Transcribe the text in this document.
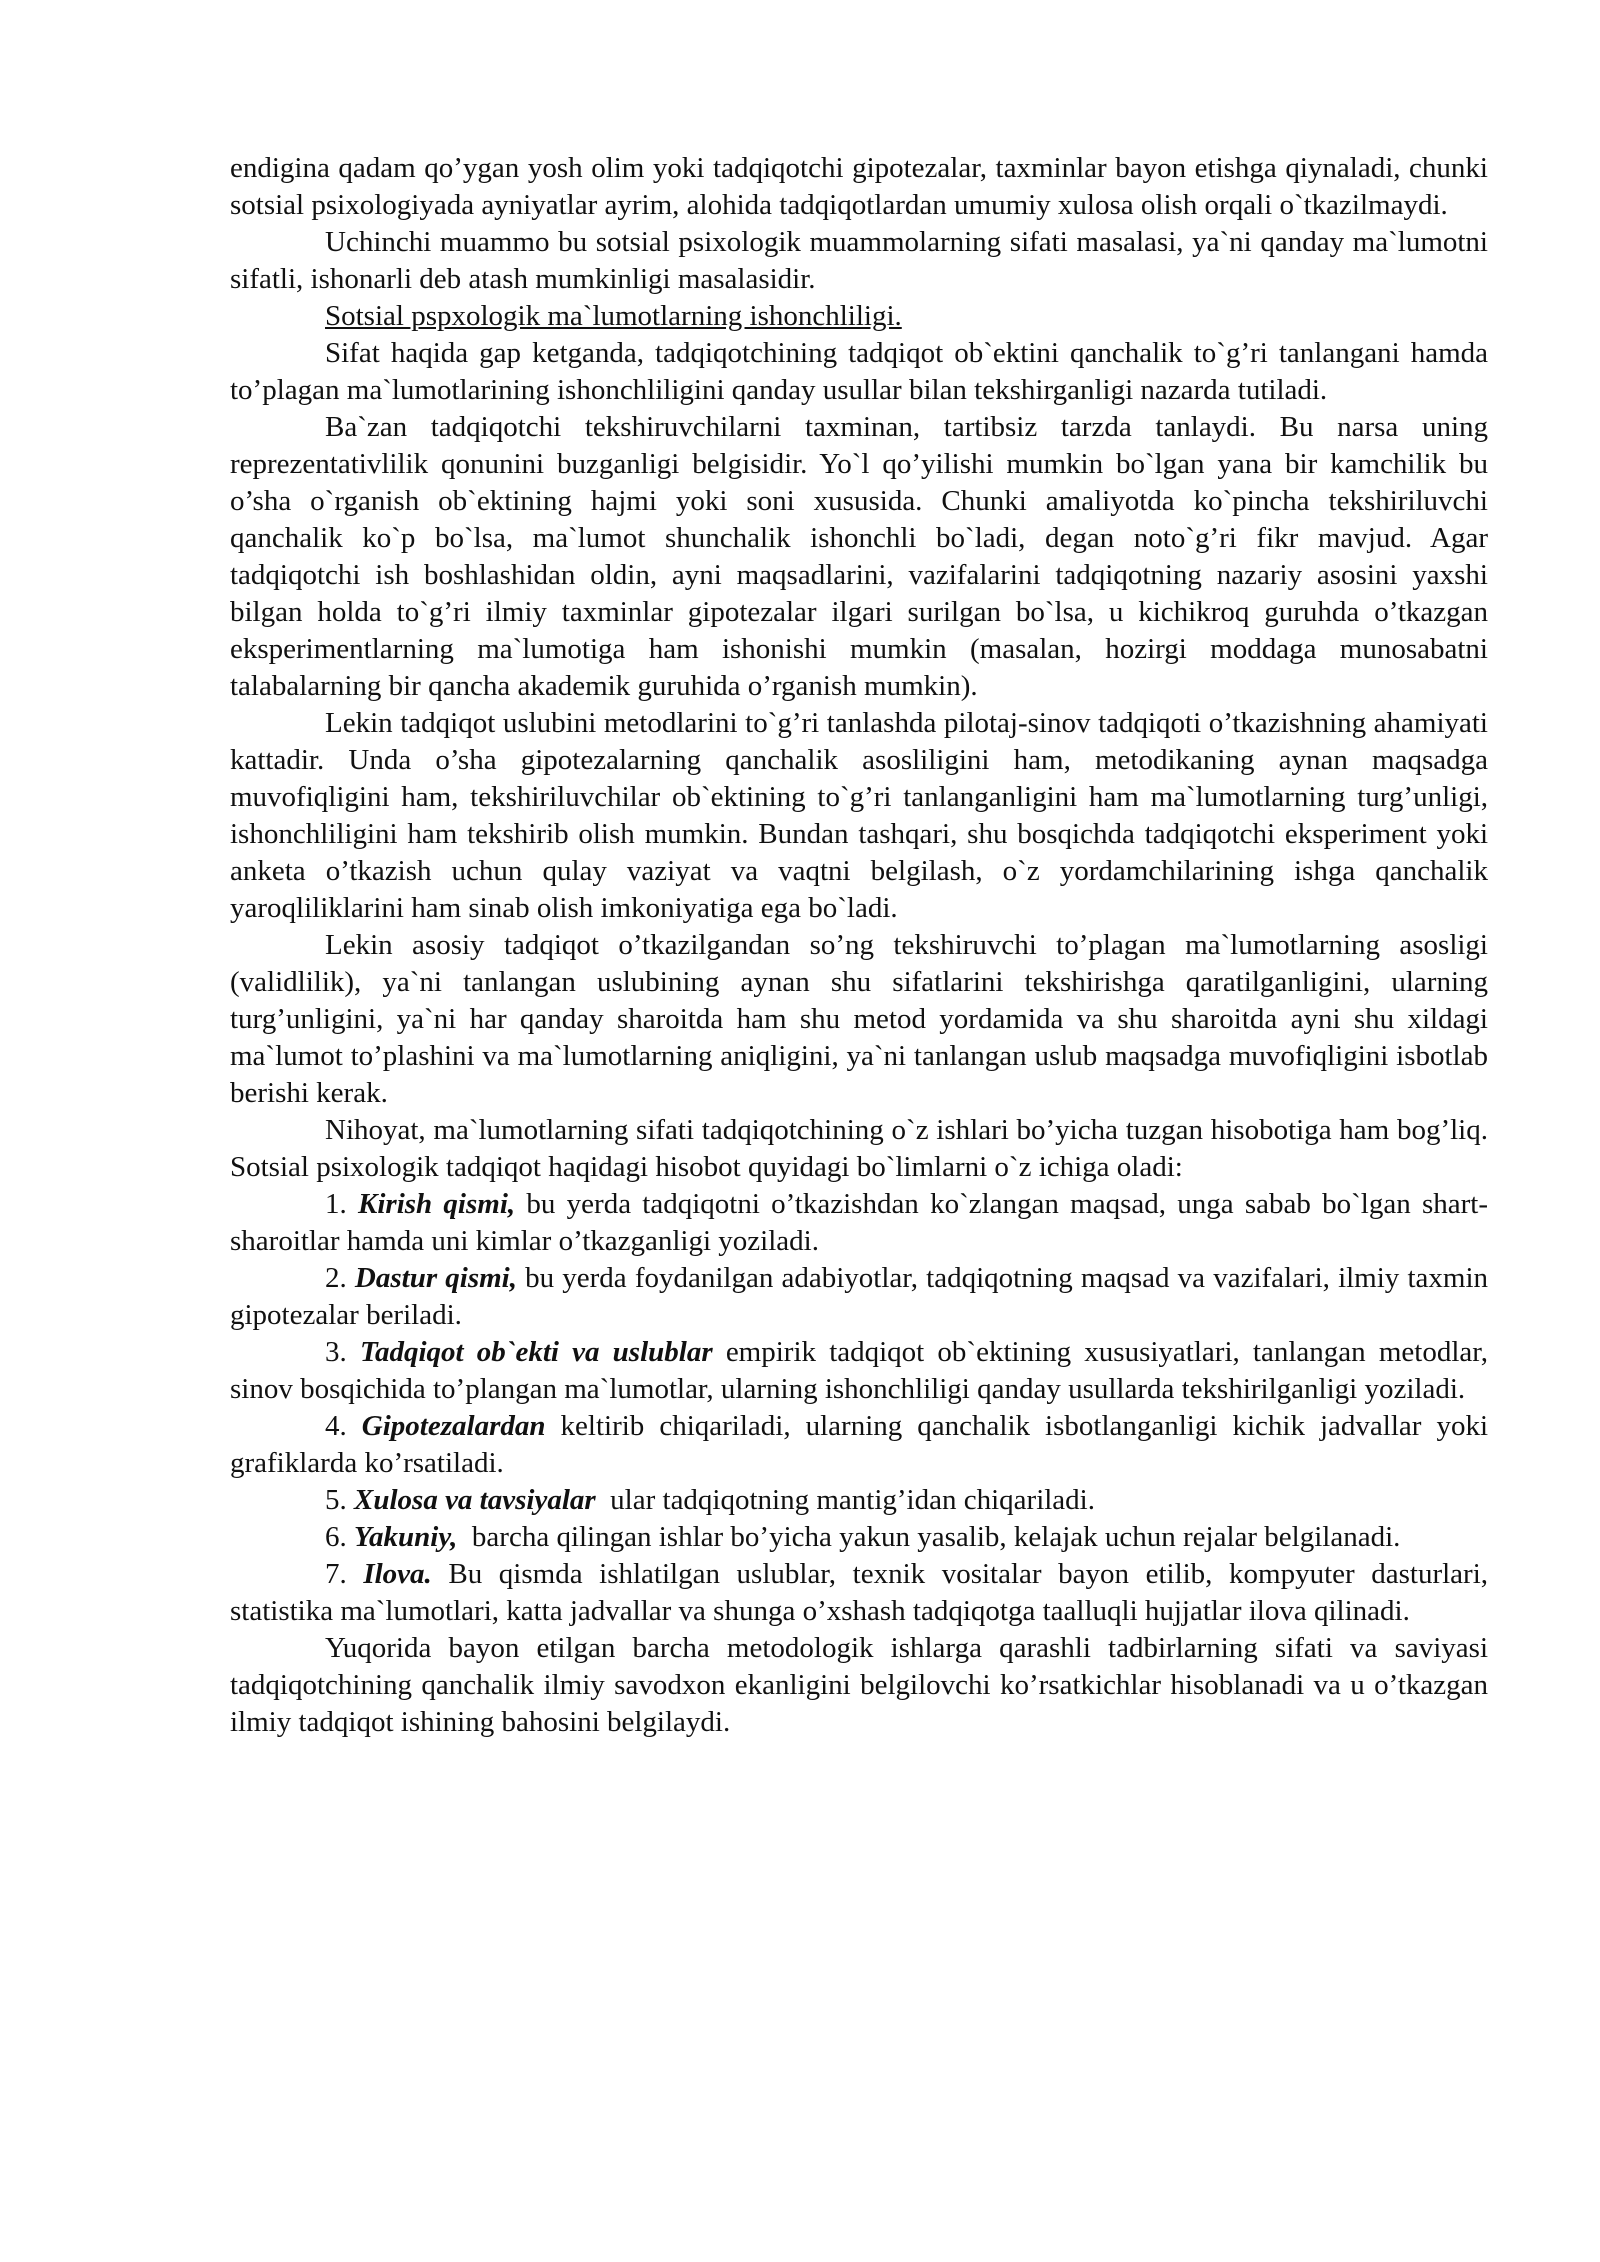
endigina qadam qo’ygan yosh olim yoki tadqiqotchi gipotezalar, taxminlar bayon etishga qiynaladi, chunki sotsial psixologiyada ayniyatlar ayrim, alohida tadqiqotlardan umumiy xulosa olish orqali o`tkazilmaydi.

Uchinchi muammo bu sotsial psixologik muammolarning sifati masalasi, ya`ni qanday ma`lumotni sifatli, ishonarli deb atash mumkinligi masalasidir.

Sotsial pspxologik ma`lumotlarning ishonchliligi.

Sifat haqida gap ketganda, tadqiqotchining tadqiqot ob`ektini qanchalik to`g’ri tanlangani hamda to’plagan ma`lumotlarining ishonchliligini qanday usullar bilan tekshirganligi nazarda tutiladi.

Ba`zan tadqiqotchi tekshiruvchilarni taxminan, tartibsiz tarzda tanlaydi. Bu narsa uning reprezentativlilik qonunini buzganligi belgisidir. Yo`l qo’yilishi mumkin bo`lgan yana bir kamchilik bu o’sha o`rganish ob`ektining hajmi yoki soni xususida. Chunki amaliyotda ko`pincha tekshiriluvchi qanchalik ko`p bo`lsa, ma`lumot shunchalik ishonchli bo`ladi, degan noto`g’ri fikr mavjud. Agar tadqiqotchi ish boshlashidan oldin, ayni maqsadlarini, vazifalarini tadqiqotning nazariy asosini yaxshi bilgan holda to`g’ri ilmiy taxminlar gipotezalar ilgari surilgan bo`lsa, u kichikroq guruhda o’tkazgan eksperimentlarning ma`lumotiga ham ishonishi mumkin (masalan, hozirgi moddaga munosabatni talabalarning bir qancha akademik guruhida o’rganish mumkin).

Lekin tadqiqot uslubini metodlarini to`g’ri tanlashda pilotaj-sinov tadqiqoti o’tkazishning ahamiyati kattadir. Unda o’sha gipotezalarning qanchalik asosliligini ham, metodikaning aynan maqsadga muvofiqligini ham, tekshiriluvchilar ob`ektining to`g’ri tanlanganligini ham ma`lumotlarning turg’unligi, ishonchliligini ham tekshirib olish mumkin. Bundan tashqari, shu bosqichda tadqiqotchi eksperiment yoki anketa o’tkazish uchun qulay vaziyat va vaqtni belgilash, o`z yordamchilarining ishga qanchalik yaroqliliklarini ham sinab olish imkoniyatiga ega bo`ladi.

Lekin asosiy tadqiqot o’tkazilgandan so’ng tekshiruvchi to’plagan ma`lumotlarning asosligi (validlilik), ya`ni tanlangan uslubining aynan shu sifatlarini tekshirishga qaratilganligini, ularning turg’unligini, ya`ni har qanday sharoitda ham shu metod yordamida va shu sharoitda ayni shu xildagi ma`lumot to’plashini va ma`lumotlarning aniqligini, ya`ni tanlangan uslub maqsadga muvofiqligini isbotlab berishi kerak.

Nihoyat, ma`lumotlarning sifati tadqiqotchining o`z ishlari bo’yicha tuzgan hisobotiga ham bog’liq. Sotsial psixologik tadqiqot haqidagi hisobot quyidagi bo`limlarni o`z ichiga oladi:

1. Kirish qismi, bu yerda tadqiqotni o’tkazishdan ko`zlangan maqsad, unga sabab bo`lgan shart-sharoitlar hamda uni kimlar o’tkazganligi yoziladi.

2. Dastur qismi, bu yerda foydanilgan adabiyotlar, tadqiqotning maqsad va vazifalari, ilmiy taxmin gipotezalar beriladi.

3. Tadqiqot ob`ekti va uslublar empirik tadqiqot ob`ektining xususiyatlari, tanlangan metodlar, sinov bosqichida to’plangan ma`lumotlar, ularning ishonchliligi qanday usullarda tekshirilganligi yoziladi.

4. Gipotezalardan keltirib chiqariladi, ularning qanchalik isbotlanganligi kichik jadvallar yoki grafiklarda ko’rsatiladi.

5. Xulosa va tavsiyalar ular tadqiqotning mantig’idan chiqariladi.

6. Yakuniy, barcha qilingan ishlar bo’yicha yakun yasalib, kelajak uchun rejalar belgilanadi.

7. Ilova. Bu qismda ishlatilgan uslublar, texnik vositalar bayon etilib, kompyuter dasturlari, statistika ma`lumotlari, katta jadvallar va shunga o’xshash tadqiqotga taalluqli hujjatlar ilova qilinadi.

Yuqorida bayon etilgan barcha metodologik ishlarga qarashli tadbirlarning sifati va saviyasi tadqiqotchining qanchalik ilmiy savodxon ekanligini belgilovchi ko’rsatkichlar hisoblanadi va u o’tkazgan ilmiy tadqiqot ishining bahosini belgilaydi.
